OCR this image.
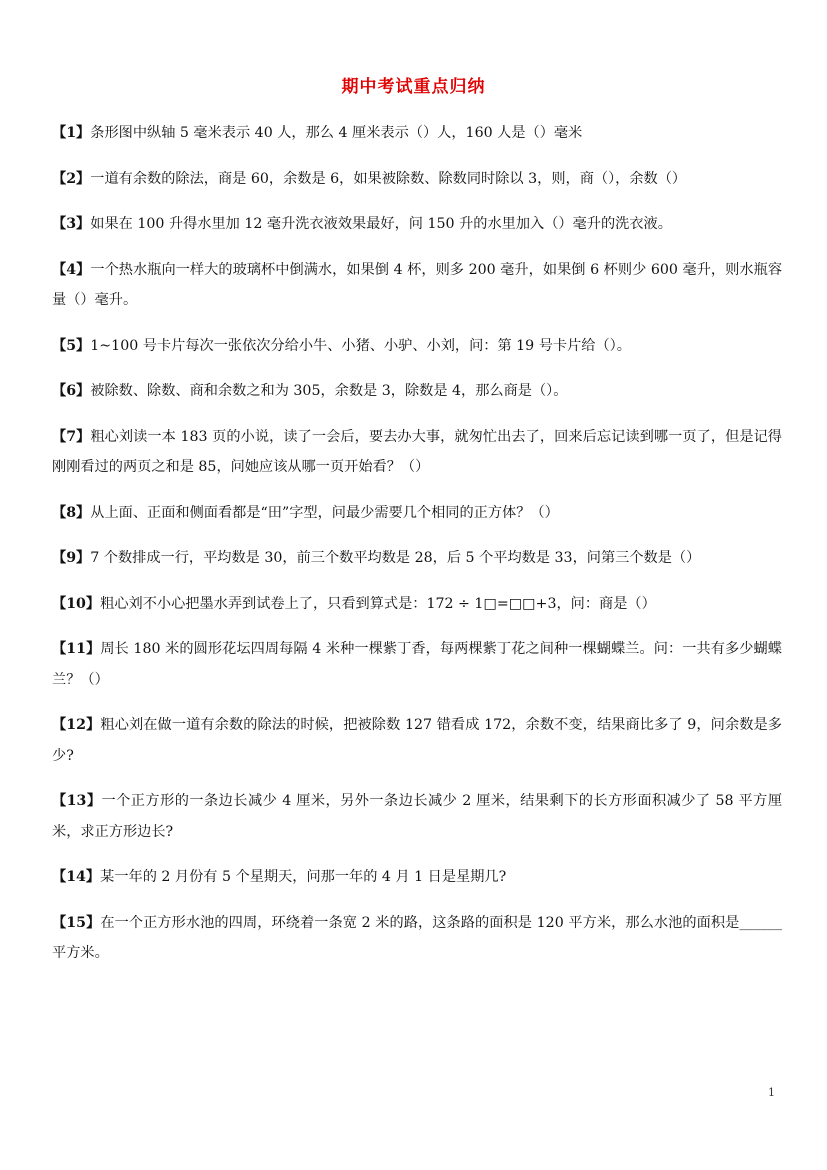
期中考试重点归纳

【1】条形图中纵轴 5 毫米表示 40 人，那么 4 厘米表示（）人，160 人是（）毫米

【2】一道有余数的除法，商是 60，余数是 6，如果被除数、除数同时除以 3，则，商（），余数（）

【3】如果在 100 升得水里加 12 毫升洗衣液效果最好，问 150 升的水里加入（）毫升的洗衣液。

【4】一个热水瓶向一样大的玻璃杯中倒满水，如果倒 4 杯，则多 200 毫升，如果倒 6 杯则少 600 毫升，则水瓶容量（）毫升。

【5】1~100 号卡片每次一张依次分给小牛、小猪、小驴、小刘，问：第 19 号卡片给（）。

【6】被除数、除数、商和余数之和为 305，余数是 3，除数是 4，那么商是（）。

【7】粗心刘读一本 183 页的小说，读了一会后，要去办大事，就匆忙出去了，回来后忘记读到哪一页了，但是记得刚刚看过的两页之和是 85，问她应该从哪一页开始看？（）

【8】从上面、正面和侧面看都是“田”字型，问最少需要几个相同的正方体？（）

【9】7 个数排成一行，平均数是 30，前三个数平均数是 28，后 5 个平均数是 33，问第三个数是（）

【10】粗心刘不小心把墨水弄到试卷上了，只看到算式是：172 ÷ 1□=□□+3，问：商是（）

【11】周长 180 米的圆形花坛四周每隔 4 米种一棵紫丁香，每两棵紫丁花之间种一棵蝴蝶兰。问：一共有多少蝴蝶兰？（）

【12】粗心刘在做一道有余数的除法的时候，把被除数 127 错看成 172，余数不变，结果商比多了 9，问余数是多少?

【13】一个正方形的一条边长减少 4 厘米，另外一条边长减少 2 厘米，结果剩下的长方形面积减少了 58 平方厘米，求正方形边长?

【14】某一年的 2 月份有 5 个星期天，问那一年的 4 月 1 日是星期几?

【15】在一个正方形水池的四周，环绕着一条宽 2 米的路，这条路的面积是 120 平方米，那么水池的面积是______平方米。

1
